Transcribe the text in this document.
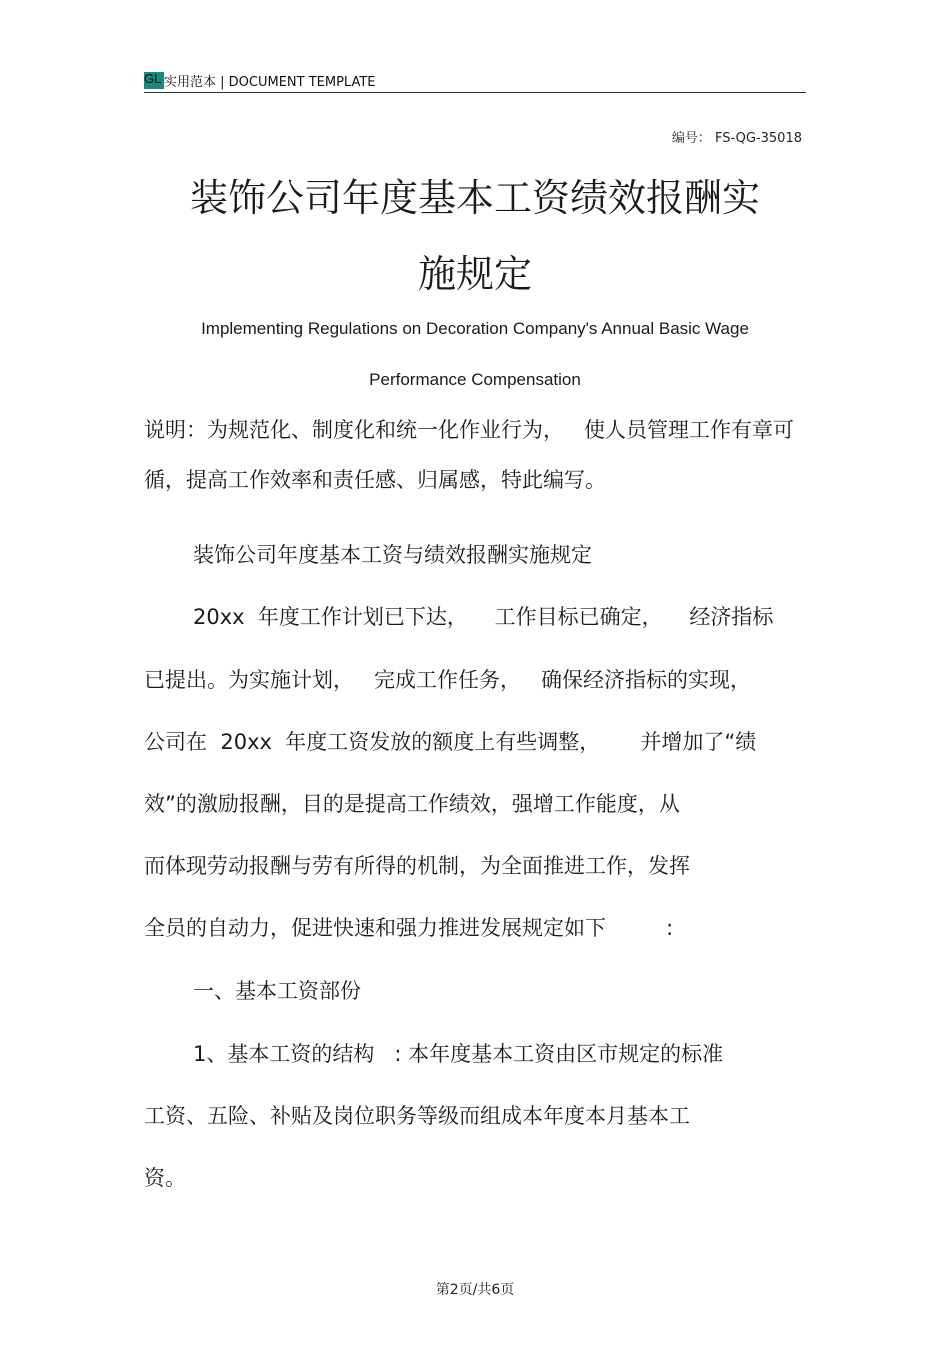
GL 实用范本 | DOCUMENT TEMPLATE
编号： FS-QG-35018
装饰公司年度基本工资绩效报酬实
施规定
Implementing Regulations on Decoration Company's Annual Basic Wage
Performance Compensation
说明：为规范化、制度化和统一化作业行为，   使人员管理工作有章可
循，提高工作效率和责任感、归属感，特此编写。
装饰公司年度基本工资与绩效报酬实施规定
20xx  年度工作计划已下达，    工作目标已确定，    经济指标
已提出。为实施计划，   完成工作任务，   确保经济指标的实现，
公司在  20xx  年度工资发放的额度上有些调整，      并增加了“绩
效”的激励报酬，目的是提高工作绩效，强增工作能度，从
而体现劳动报酬与劳有所得的机制，为全面推进工作，发挥
全员的自动力，促进快速和强力推进发展规定如下         :
一、基本工资部份
1、基本工资的结构   : 本年度基本工资由区市规定的标准
工资、五险、补贴及岗位职务等级而组成本年度本月基本工
资。
第2页/共6页
